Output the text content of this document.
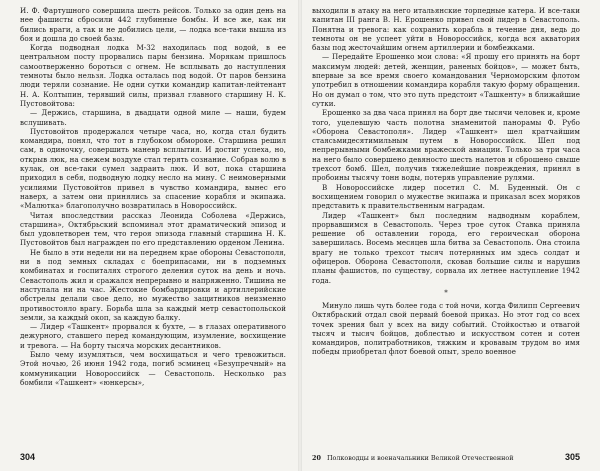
И. Ф. Фартушного совершила шесть рейсов. Только за один день на нее фашисты сбросили 442 глубинные бомбы. И все же, как ни бились враги, а так и не добились цели, — лодка все-таки вышла из боя и дошла до своей базы.

Когда подводная лодка М-32 находилась под водой, в ее центральном посту прорвались пары бензина. Морякам пришлось самоотверженно бороться с огнем. Не всплывать до наступления темноты было нельзя. Лодка осталась под водой. От паров бензина люди теряли сознание. Не одни сутки командир капитан-лейтенант Н. А. Колтыпин, терявший силы, призвал главного старшину Н. К. Пустовойтова:

— Держись, старшина, в двадцати одной миле — наши, будем вслушивать.

Пустовойтов продержался четыре часа, но, когда стал будить командира, понял, что тот в глубоком обмороке. Старшина решил сам, в одиночку, совершить маневр всплытия. И достиг успеха, но, открыв люк, на свежем воздухе стал терять сознание. Собрав волю в кулак, он все-таки сумел задраить люк. И вот, пока старшина приходил в себя, подводную лодку несло на мину. С неимоверными усилиями Пустовойтов привел в чувство командира, вынес его наверх, а затем они принялись за спасение корабля и экипажа. «Малютка» благополучно возвратилась в Новороссийск.

Читая впоследствии рассказ Леонида Соболева «Держись, старшина», Октябрьский вспоминал этот драматический эпизод и был удовлетворен тем, что героя эпизода главный старшина Н. К. Пустовойтов был награжден по его представлению орденом Ленина.

Не было в эти недели ни на переднем крае обороны Севастополя, ни в под земных складах с боеприпасами, ни в подземных комбинатах и госпиталях строгого деления суток на день и ночь. Севастополь жил и сражался непрерывно и напряженно. Тишина не наступала ни на час. Жестокие бомбардировки и артиллерийские обстрелы делали свое дело, но мужество защитников неизменно противостояло врагу. Борьба шла за каждый метр севастопольской земли, за каждый окоп, за каждую балку.

— Лидер «Ташкент» прорвался к бухте, — в глазах оперативного дежурного, ставшего перед командующим, изумление, восхищение и тревога. — На борту тысяча морских десантников.

Было чему изумляться, чем восхищаться и чего тревожиться. Этой ночью, 26 июня 1942 года, погиб эсминец «Безупречный» на коммуникации Новороссийск — Севастополь. Несколько раз бомбили «Ташкент» «юнкерсы»,

304

выходили в атаку на него итальянские торпедные катера. И все-таки капитан III ранга В. Н. Ерошенко привел свой лидер в Севастополь. Понятна и тревога: как сохранить корабль в течение дня, ведь до темноты он не успеет уйти в Новороссийск, когда вся акватория базы под жесточайшим огнем артиллерии и бомбежками.

— Передайте Ерошенко мои слова: «Я прошу его принять на борт максимум людей: детей, женщин, раненых бойцов», — может быть, впервые за все время своего командования Черноморским флотом употребил в отношении командира корабля такую форму обращения. Но он думал о том, что это путь предстоит «Ташкенту» в ближайшие сутки.

Ерошенко за два часа принял на борт две тысячи человек и, кроме того, уцелевшую часть полотна знаменитой панорамы Ф. Рубо «Оборона Севастополя». Лидер «Ташкент» шел кратчайшим стаясьмидесятимильным путем в Новороссийск. Шел под непрерывными бомбежками вражеской авиации. Только за три часа на него было совершено девяносто шесть налетов и сброшено свыше трехсот бомб. Шел, получив тяжелейшие повреждения, принял в пробоины тысячу тонн воды, потеряв управление рулями.

В Новороссийске лидер посетил С. М. Буденный. Он с восхищением говорил о мужестве экипажа и приказал всех моряков представить к правительственным наградам.

Лидер «Ташкент» был последним надводным кораблем, прорвавшимся в Севастополь. Через трое суток Ставка приняла решение об оставлении города, его героическая оборона завершилась. Восемь месяцев шла битва за Севастополь. Она стоила врагу не только трехсот тысяч потерянных им здесь солдат и офицеров. Оборона Севастополя, сковав большие силы и нарушив планы фашистов, по существу, сорвала их летнее наступление 1942 года.

*

Минуло лишь чуть более года с той ночи, когда Филипп Сергеевич Октябрьский отдал свой первый боевой приказ. Но этот год со всех точек зрения был у всех на виду событий. Стойкостью и отвагой тысяч и тысяч бойцов, доблестью и искусством сотен и сотен командиров, политработников, тяжким и кровавым трудом во имя победы приобретал флот боевой опыт, зрело военное

20 Полководцы и военачальники Великой Отечественной	305
